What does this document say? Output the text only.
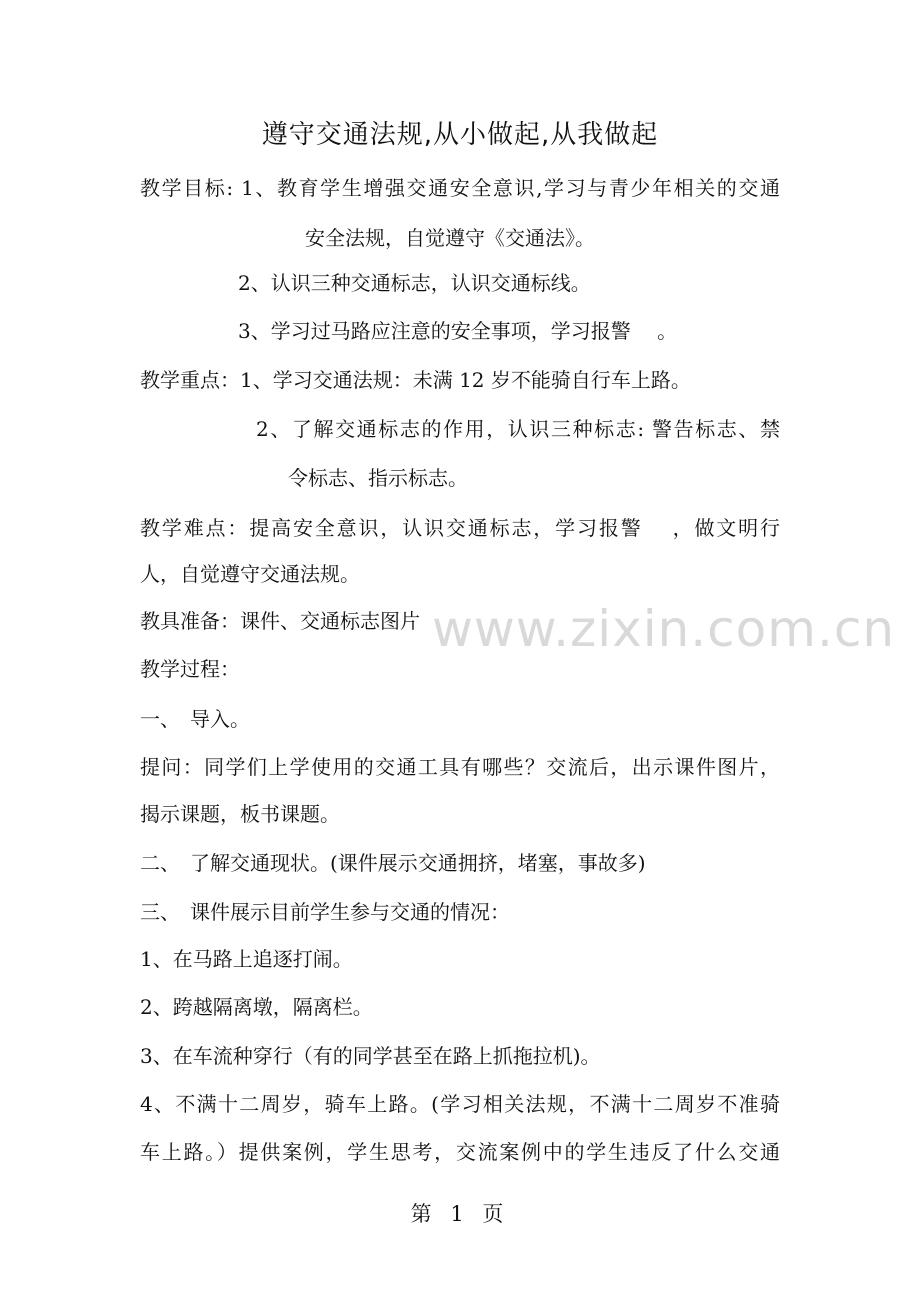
遵守交通法规,从小做起,从我做起
教学目标: 1、教育学生增强交通安全意识,学习与青少年相关的交通
安全法规，自觉遵守《交通法》。
2、认识三种交通标志，认识交通标线。
3、学习过马路应注意的安全事项，学习报警　 。
教学重点：1、学习交通法规：未满 12 岁不能骑自行车上路。
2、了解交通标志的作用，认识三种标志: 警告标志、禁
令标志、指示标志。
教学难点：提高安全意识，认识交通标志，学习报警　 ，做文明行
人，自觉遵守交通法规。
教具准备：课件、交通标志图片
教学过程：
一、　导入。
提问：同学们上学使用的交通工具有哪些？交流后，出示课件图片，
揭示课题，板书课题。
二、　了解交通现状。(课件展示交通拥挤，堵塞，事故多)
三、　课件展示目前学生参与交通的情况：
1、在马路上追逐打闹。
2、跨越隔离墩，隔离栏。
3、在车流种穿行（有的同学甚至在路上抓拖拉机)。
4、不满十二周岁，骑车上路。(学习相关法规，不满十二周岁不准骑
车上路。）提供案例，学生思考，交流案例中的学生违反了什么交通
www.zixin.com.cn
第 1 页
